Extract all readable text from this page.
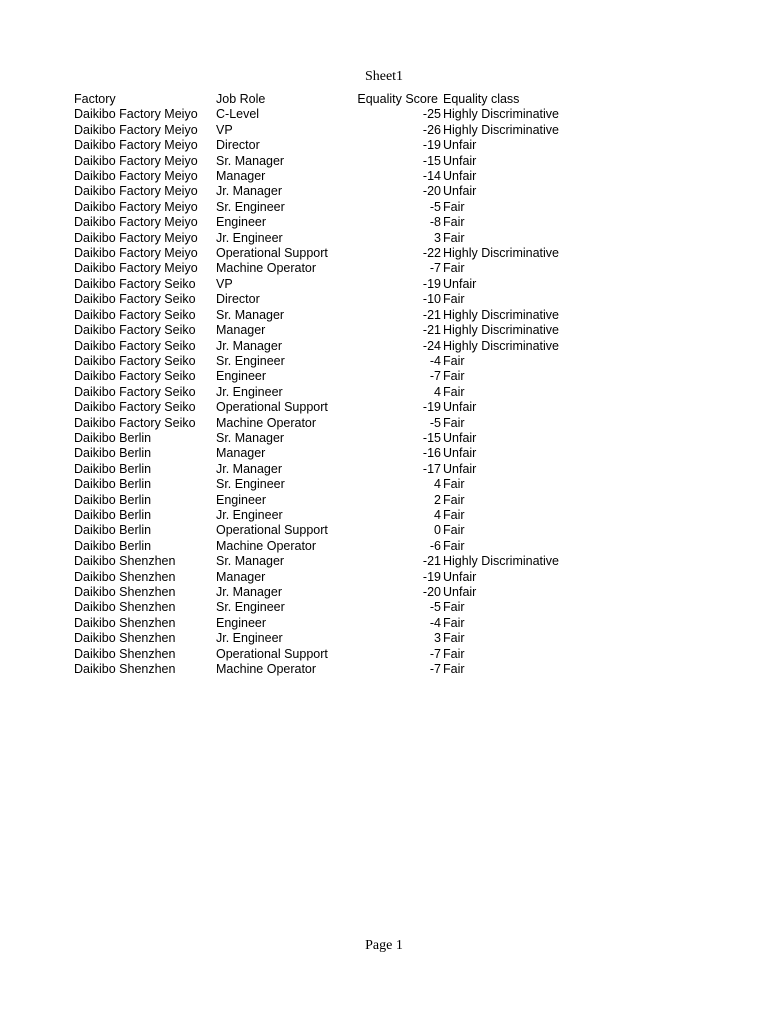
Sheet1
Factory	Job Role	Equality Score	Equality class
Daikibo Factory Meiyo	C-Level	-25	Highly Discriminative
Daikibo Factory Meiyo	VP	-26	Highly Discriminative
Daikibo Factory Meiyo	Director	-19	Unfair
Daikibo Factory Meiyo	Sr. Manager	-15	Unfair
Daikibo Factory Meiyo	Manager	-14	Unfair
Daikibo Factory Meiyo	Jr. Manager	-20	Unfair
Daikibo Factory Meiyo	Sr. Engineer	-5	Fair
Daikibo Factory Meiyo	Engineer	-8	Fair
Daikibo Factory Meiyo	Jr. Engineer	3	Fair
Daikibo Factory Meiyo	Operational Support	-22	Highly Discriminative
Daikibo Factory Meiyo	Machine Operator	-7	Fair
Daikibo Factory Seiko	VP	-19	Unfair
Daikibo Factory Seiko	Director	-10	Fair
Daikibo Factory Seiko	Sr. Manager	-21	Highly Discriminative
Daikibo Factory Seiko	Manager	-21	Highly Discriminative
Daikibo Factory Seiko	Jr. Manager	-24	Highly Discriminative
Daikibo Factory Seiko	Sr. Engineer	-4	Fair
Daikibo Factory Seiko	Engineer	-7	Fair
Daikibo Factory Seiko	Jr. Engineer	4	Fair
Daikibo Factory Seiko	Operational Support	-19	Unfair
Daikibo Factory Seiko	Machine Operator	-5	Fair
Daikibo Berlin	Sr. Manager	-15	Unfair
Daikibo Berlin	Manager	-16	Unfair
Daikibo Berlin	Jr. Manager	-17	Unfair
Daikibo Berlin	Sr. Engineer	4	Fair
Daikibo Berlin	Engineer	2	Fair
Daikibo Berlin	Jr. Engineer	4	Fair
Daikibo Berlin	Operational Support	0	Fair
Daikibo Berlin	Machine Operator	-6	Fair
Daikibo Shenzhen	Sr. Manager	-21	Highly Discriminative
Daikibo Shenzhen	Manager	-19	Unfair
Daikibo Shenzhen	Jr. Manager	-20	Unfair
Daikibo Shenzhen	Sr. Engineer	-5	Fair
Daikibo Shenzhen	Engineer	-4	Fair
Daikibo Shenzhen	Jr. Engineer	3	Fair
Daikibo Shenzhen	Operational Support	-7	Fair
Daikibo Shenzhen	Machine Operator	-7	Fair
Page 1
